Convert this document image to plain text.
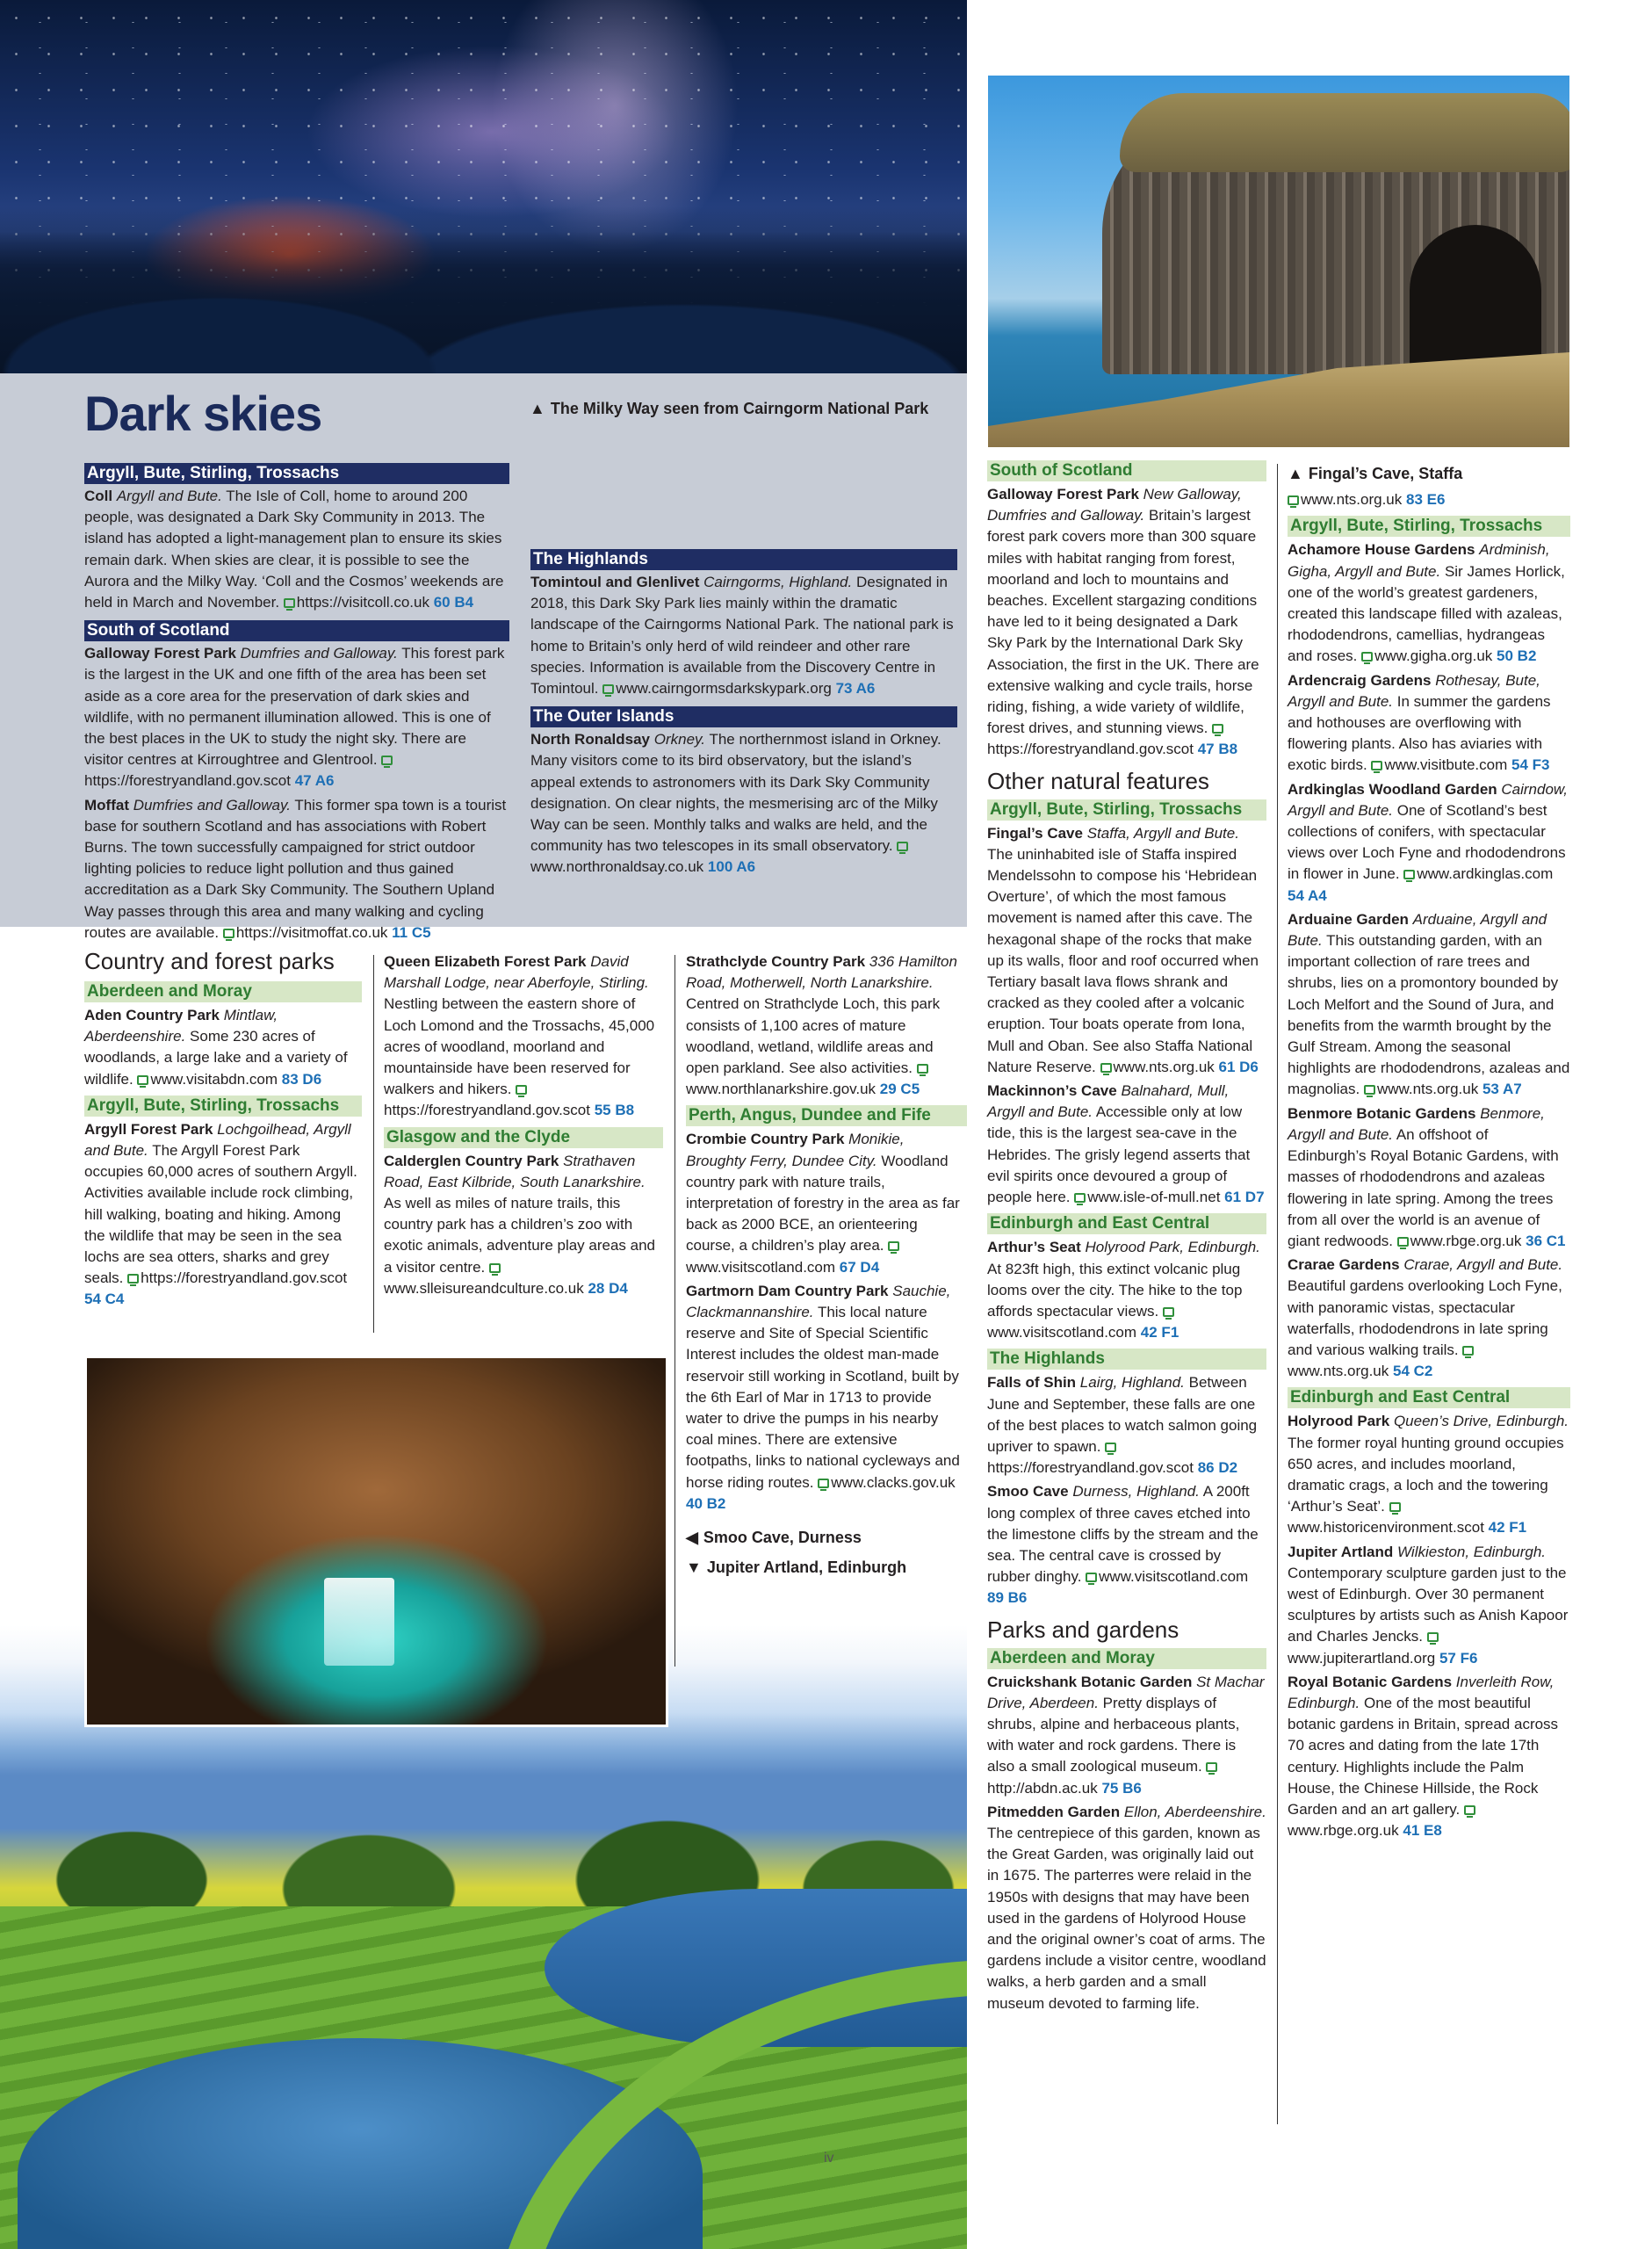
Dark skies	▲ The Milky Way seen from Cairngorm National Park
Argyll, Bute, Stirling, Trossachs

Coll Argyll and Bute. The Isle of Coll, home to around 200 people, was designated a Dark Sky Community in 2013. The island has adopted a light-management plan to ensure its skies remain dark. When skies are clear, it is possible to see the Aurora and the Milky Way. ‘Coll and the Cosmos’ weekends are held in March and November. https://visitcoll.co.uk 60 B4

South of Scotland

Galloway Forest Park Dumfries and Galloway. This forest park is the largest in the UK and one fifth of the area has been set aside as a core area for the preservation of dark skies and wildlife, with no permanent illumination allowed. This is one of the best places in the UK to study the night sky. There are visitor centres at Kirroughtree and Glentrool. https://forestryandland.gov.scot 47 A6

Moffat Dumfries and Galloway. This former spa town is a tourist base for southern Scotland and has associations with Robert Burns. The town successfully campaigned for strict outdoor lighting policies to reduce light pollution and thus gained accreditation as a Dark Sky Community. The Southern Upland Way passes through this area and many walking and cycling routes are available. https://visitmoffat.co.uk 11 C5

The Highlands

Tomintoul and Glenlivet Cairngorms, Highland. Designated in 2018, this Dark Sky Park lies mainly within the dramatic landscape of the Cairngorms National Park. The national park is home to Britain’s only herd of wild reindeer and other rare species. Information is available from the Discovery Centre in Tomintoul. www.cairngormsdarkskypark.org 73 A6

The Outer Islands

North Ronaldsay Orkney. The northernmost island in Orkney. Many visitors come to its bird observatory, but the island’s appeal extends to astronomers with its Dark Sky Community designation. On clear nights, the mesmerising arc of the Milky Way can be seen. Monthly talks and walks are held, and the community has two telescopes in its small observatory. www.northronaldsay.co.uk 100 A6

Country and forest parks
Aberdeen and Moray

Aden Country Park Mintlaw, Aberdeenshire. Some 230 acres of woodlands, a large lake and a variety of wildlife. www.visitabdn.com 83 D6

Argyll, Bute, Stirling, Trossachs

Argyll Forest Park Lochgoilhead, Argyll and Bute. The Argyll Forest Park occupies 60,000 acres of southern Argyll. Activities available include rock climbing, hill walking, boating and hiking. Among the wildlife that may be seen in the sea lochs are sea otters, sharks and grey seals. https://forestryandland.gov.scot 54 C4

Queen Elizabeth Forest Park David Marshall Lodge, near Aberfoyle, Stirling. Nestling between the eastern shore of Loch Lomond and the Trossachs, 45,000 acres of woodland, moorland and mountainside have been reserved for walkers and hikers. https://forestryandland.gov.scot 55 B8

Glasgow and the Clyde

Calderglen Country Park Strathaven Road, East Kilbride, South Lanarkshire. As well as miles of nature trails, this country park has a children’s zoo with exotic animals, adventure play areas and a visitor centre. www.slleisureandculture.co.uk 28 D4

Strathclyde Country Park 336 Hamilton Road, Motherwell, North Lanarkshire. Centred on Strathclyde Loch, this park consists of 1,100 acres of mature woodland, wetland, wildlife areas and open parkland. See also activities. www.northlanarkshire.gov.uk 29 C5

Perth, Angus, Dundee and Fife

Crombie Country Park Monikie, Broughty Ferry, Dundee City. Woodland country park with nature trails, interpretation of forestry in the area as far back as 2000 BCE, an orienteering course, a children’s play area. www.visitscotland.com 67 D4

Gartmorn Dam Country Park Sauchie, Clackmannanshire. This local nature reserve and Site of Special Scientific Interest includes the oldest man-made reservoir still working in Scotland, built by the 6th Earl of Mar in 1713 to provide water to drive the pumps in his nearby coal mines. There are extensive footpaths, links to national cycleways and horse riding routes. www.clacks.gov.uk 40 B2

◀ Smoo Cave, Durness
▼ Jupiter Artland, Edinburgh
South of Scotland

Galloway Forest Park New Galloway, Dumfries and Galloway. Britain’s largest forest park covers more than 300 square miles with habitat ranging from forest, moorland and loch to mountains and beaches. Excellent stargazing conditions have led to it being designated a Dark Sky Park by the International Dark Sky Association, the first in the UK. There are extensive walking and cycle trails, horse riding, fishing, a wide variety of wildlife, forest drives, and stunning views. https://forestryandland.gov.scot 47 B8

Other natural features
Argyll, Bute, Stirling, Trossachs

Fingal’s Cave Staffa, Argyll and Bute. The uninhabited isle of Staffa inspired Mendelssohn to compose his ‘Hebridean Overture’, of which the most famous movement is named after this cave. The hexagonal shape of the rocks that make up its walls, floor and roof occurred when Tertiary basalt lava flows shrank and cracked as they cooled after a volcanic eruption. Tour boats operate from Iona, Mull and Oban. See also Staffa National Nature Reserve. www.nts.org.uk 61 D6

Mackinnon’s Cave Balnahard, Mull, Argyll and Bute. Accessible only at low tide, this is the largest sea-cave in the Hebrides. The grisly legend asserts that evil spirits once devoured a group of people here. www.isle-of-mull.net 61 D7

Edinburgh and East Central

Arthur’s Seat Holyrood Park, Edinburgh. At 823ft high, this extinct volcanic plug looms over the city. The hike to the top affords spectacular views. www.visitscotland.com 42 F1

The Highlands

Falls of Shin Lairg, Highland. Between June and September, these falls are one of the best places to watch salmon going upriver to spawn. https://forestryandland.gov.scot 86 D2

Smoo Cave Durness, Highland. A 200ft long complex of three caves etched into the limestone cliffs by the stream and the sea. The central cave is crossed by rubber dinghy. www.visitscotland.com 89 B6

Parks and gardens
Aberdeen and Moray

Cruickshank Botanic Garden St Machar Drive, Aberdeen. Pretty displays of shrubs, alpine and herbaceous plants, with water and rock gardens. There is also a small zoological museum. http://abdn.ac.uk 75 B6

Pitmedden Garden Ellon, Aberdeenshire. The centrepiece of this garden, known as the Great Garden, was originally laid out in 1675. The parterres were relaid in the 1950s with designs that may have been used in the gardens of Holyrood House and the original owner’s coat of arms. The gardens include a visitor centre, woodland walks, a herb garden and a small museum devoted to farming life.

▲ Fingal’s Cave, Staffa

www.nts.org.uk 83 E6

Argyll, Bute, Stirling, Trossachs

Achamore House Gardens Ardminish, Gigha, Argyll and Bute. Sir James Horlick, one of the world’s greatest gardeners, created this landscape filled with azaleas, rhododendrons, camellias, hydrangeas and roses. www.gigha.org.uk 50 B2

Ardencraig Gardens Rothesay, Bute, Argyll and Bute. In summer the gardens and hothouses are overflowing with flowering plants. Also has aviaries with exotic birds. www.visitbute.com 54 F3

Ardkinglas Woodland Garden Cairndow, Argyll and Bute. One of Scotland’s best collections of conifers, with spectacular views over Loch Fyne and rhododendrons in flower in June. www.ardkinglas.com 54 A4

Arduaine Garden Arduaine, Argyll and Bute. This outstanding garden, with an important collection of rare trees and shrubs, lies on a promontory bounded by Loch Melfort and the Sound of Jura, and benefits from the warmth brought by the Gulf Stream. Among the seasonal highlights are rhododendrons, azaleas and magnolias. www.nts.org.uk 53 A7

Benmore Botanic Gardens Benmore, Argyll and Bute. An offshoot of Edinburgh’s Royal Botanic Gardens, with masses of rhododendrons and azaleas flowering in late spring. Among the trees from all over the world is an avenue of giant redwoods. www.rbge.org.uk 36 C1

Crarae Gardens Crarae, Argyll and Bute. Beautiful gardens overlooking Loch Fyne, with panoramic vistas, spectacular waterfalls, rhododendrons in late spring and various walking trails. www.nts.org.uk 54 C2

Edinburgh and East Central

Holyrood Park Queen’s Drive, Edinburgh. The former royal hunting ground occupies 650 acres, and includes moorland, dramatic crags, a loch and the towering ‘Arthur’s Seat’. www.historicenvironment.scot 42 F1

Jupiter Artland Wilkieston, Edinburgh. Contemporary sculpture garden just to the west of Edinburgh. Over 30 permanent sculptures by artists such as Anish Kapoor and Charles Jencks. www.jupiterartland.org 57 F6

Royal Botanic Gardens Inverleith Row, Edinburgh. One of the most beautiful botanic gardens in Britain, spread across 70 acres and dating from the late 17th century. Highlights include the Palm House, the Chinese Hillside, the Rock Garden and an art gallery. www.rbge.org.uk 41 E8

iv
